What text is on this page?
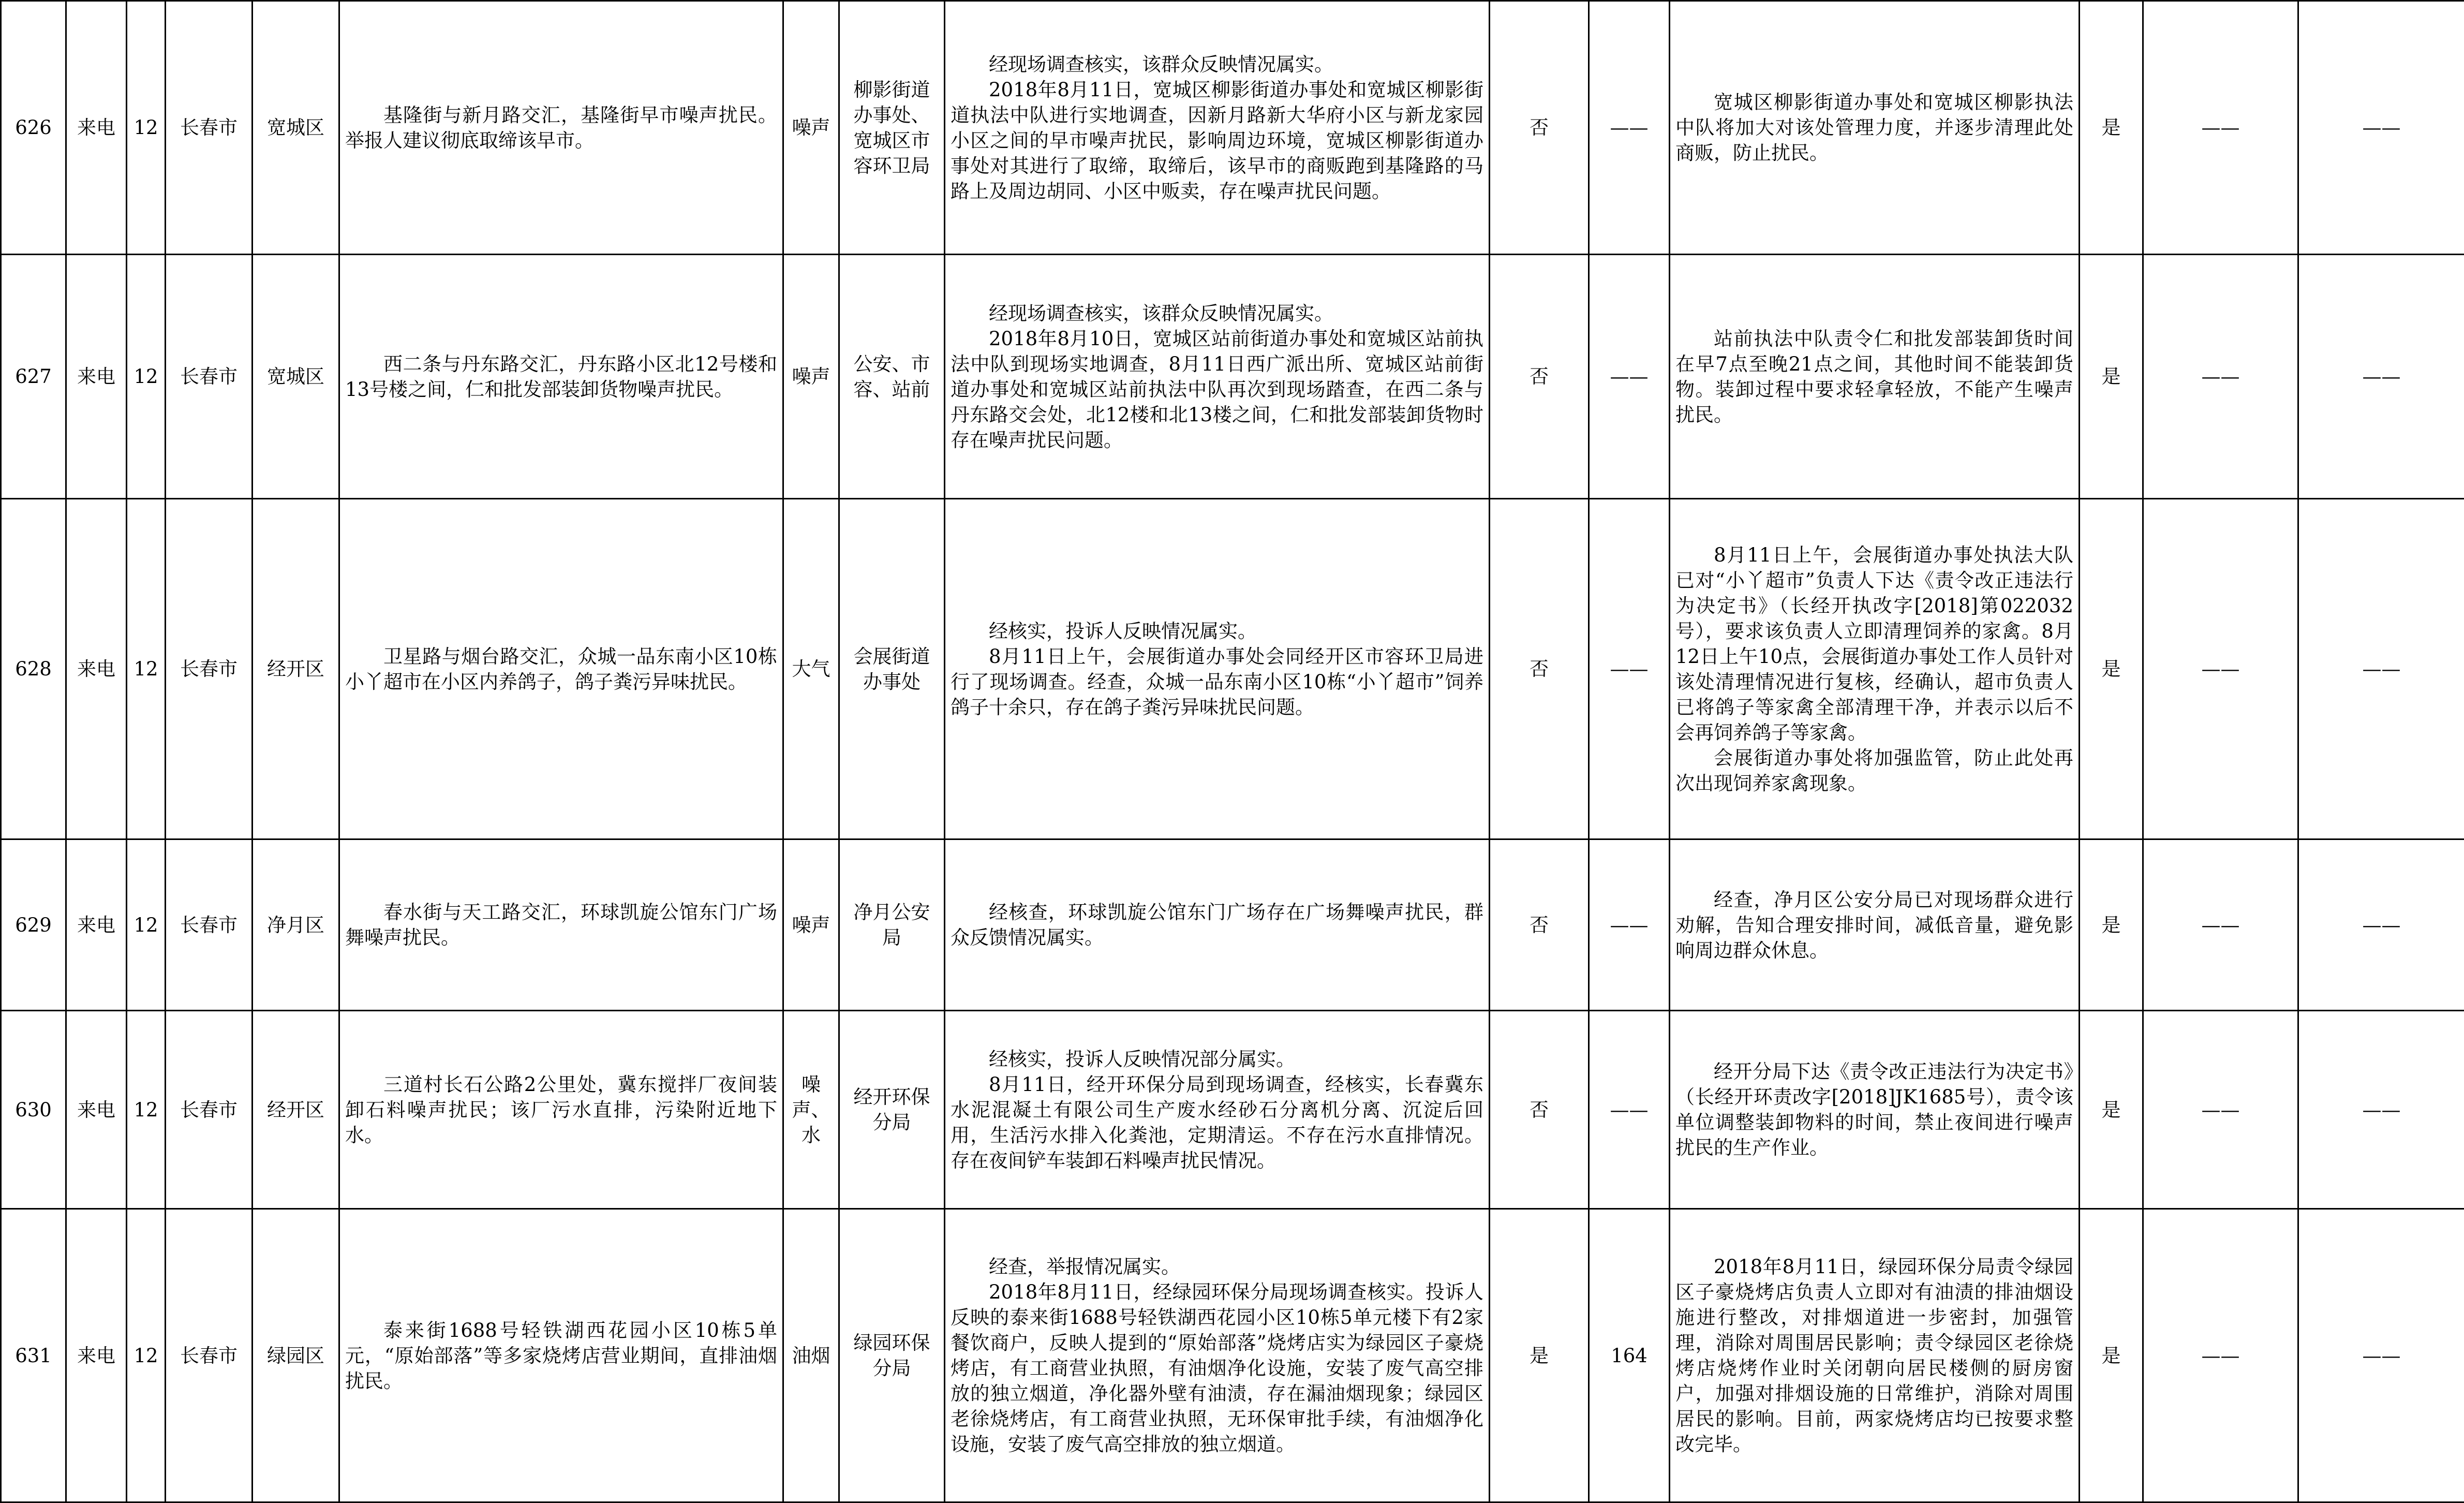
626	来电	12	长春市	宽城区	基隆街与新月路交汇，基隆街早市噪声扰民。举报人建议彻底取缔该早市。	噪声	柳影街道
办事处、
宽城区市
容环卫局	经现场调查核实，该群众反映情况属实。
2018年8月11日，宽城区柳影街道办事处和宽城区柳影街道执法中队进行实地调查，因新月路新大华府小区与新龙家园小区之间的早市噪声扰民，影响周边环境，宽城区柳影街道办事处对其进行了取缔，取缔后，该早市的商贩跑到基隆路的马路上及周边胡同、小区中贩卖，存在噪声扰民问题。	否	——	宽城区柳影街道办事处和宽城区柳影执法中队将加大对该处管理力度，并逐步清理此处商贩，防止扰民。	是	——	——
627	来电	12	长春市	宽城区	西二条与丹东路交汇，丹东路小区北12号楼和13号楼之间，仁和批发部装卸货物噪声扰民。	噪声	公安、市
容、站前	经现场调查核实，该群众反映情况属实。
2018年8月10日，宽城区站前街道办事处和宽城区站前执法中队到现场实地调查，8月11日西广派出所、宽城区站前街道办事处和宽城区站前执法中队再次到现场踏查，在西二条与丹东路交会处，北12楼和北13楼之间，仁和批发部装卸货物时存在噪声扰民问题。	否	——	站前执法中队责令仁和批发部装卸货时间在早7点至晚21点之间，其他时间不能装卸货物。装卸过程中要求轻拿轻放，不能产生噪声扰民。	是	——	——
628	来电	12	长春市	经开区	卫星路与烟台路交汇，众城一品东南小区10栋小丫超市在小区内养鸽子，鸽子粪污异味扰民。	大气	会展街道
办事处	经核实，投诉人反映情况属实。
8月11日上午，会展街道办事处会同经开区市容环卫局进行了现场调查。经查，众城一品东南小区10栋“小丫超市”饲养鸽子十余只，存在鸽子粪污异味扰民问题。	否	——	8月11日上午，会展街道办事处执法大队已对“小丫超市”负责人下达《责令改正违法行为决定书》（长经开执改字[2018]第022032号），要求该负责人立即清理饲养的家禽。8月12日上午10点，会展街道办事处工作人员针对该处清理情况进行复核，经确认，超市负责人已将鸽子等家禽全部清理干净，并表示以后不会再饲养鸽子等家禽。
会展街道办事处将加强监管，防止此处再次出现饲养家禽现象。	是	——	——
629	来电	12	长春市	净月区	春水街与天工路交汇，环球凯旋公馆东门广场舞噪声扰民。	噪声	净月公安
局	经核查，环球凯旋公馆东门广场存在广场舞噪声扰民，群众反馈情况属实。	否	——	经查，净月区公安分局已对现场群众进行劝解，告知合理安排时间，减低音量，避免影响周边群众休息。	是	——	——
630	来电	12	长春市	经开区	三道村长石公路2公里处，冀东搅拌厂夜间装卸石料噪声扰民；该厂污水直排，污染附近地下水。	噪声、
水	经开环保
分局	经核实，投诉人反映情况部分属实。
8月11日，经开环保分局到现场调查，经核实，长春冀东水泥混凝土有限公司生产废水经砂石分离机分离、沉淀后回用，生活污水排入化粪池，定期清运。不存在污水直排情况。存在夜间铲车装卸石料噪声扰民情况。	否	——	经开分局下达《责令改正违法行为决定书》（长经开环责改字[2018]JK1685号），责令该单位调整装卸物料的时间，禁止夜间进行噪声扰民的生产作业。	是	——	——
631	来电	12	长春市	绿园区	泰来街1688号轻铁湖西花园小区10栋5单元，“原始部落”等多家烧烤店营业期间，直排油烟扰民。	油烟	绿园环保
分局	经查，举报情况属实。
2018年8月11日，经绿园环保分局现场调查核实。投诉人反映的泰来街1688号轻铁湖西花园小区10栋5单元楼下有2家餐饮商户，反映人提到的“原始部落”烧烤店实为绿园区子豪烧烤店，有工商营业执照，有油烟净化设施，安装了废气高空排放的独立烟道，净化器外壁有油渍，存在漏油烟现象；绿园区老徐烧烤店，有工商营业执照，无环保审批手续，有油烟净化设施，安装了废气高空排放的独立烟道。	是	164	2018年8月11日，绿园环保分局责令绿园区子豪烧烤店负责人立即对有油渍的排油烟设施进行整改，对排烟道进一步密封，加强管理，消除对周围居民影响；责令绿园区老徐烧烤店烧烤作业时关闭朝向居民楼侧的厨房窗户，加强对排烟设施的日常维护，消除对周围居民的影响。目前，两家烧烤店均已按要求整改完毕。	是	——	——
